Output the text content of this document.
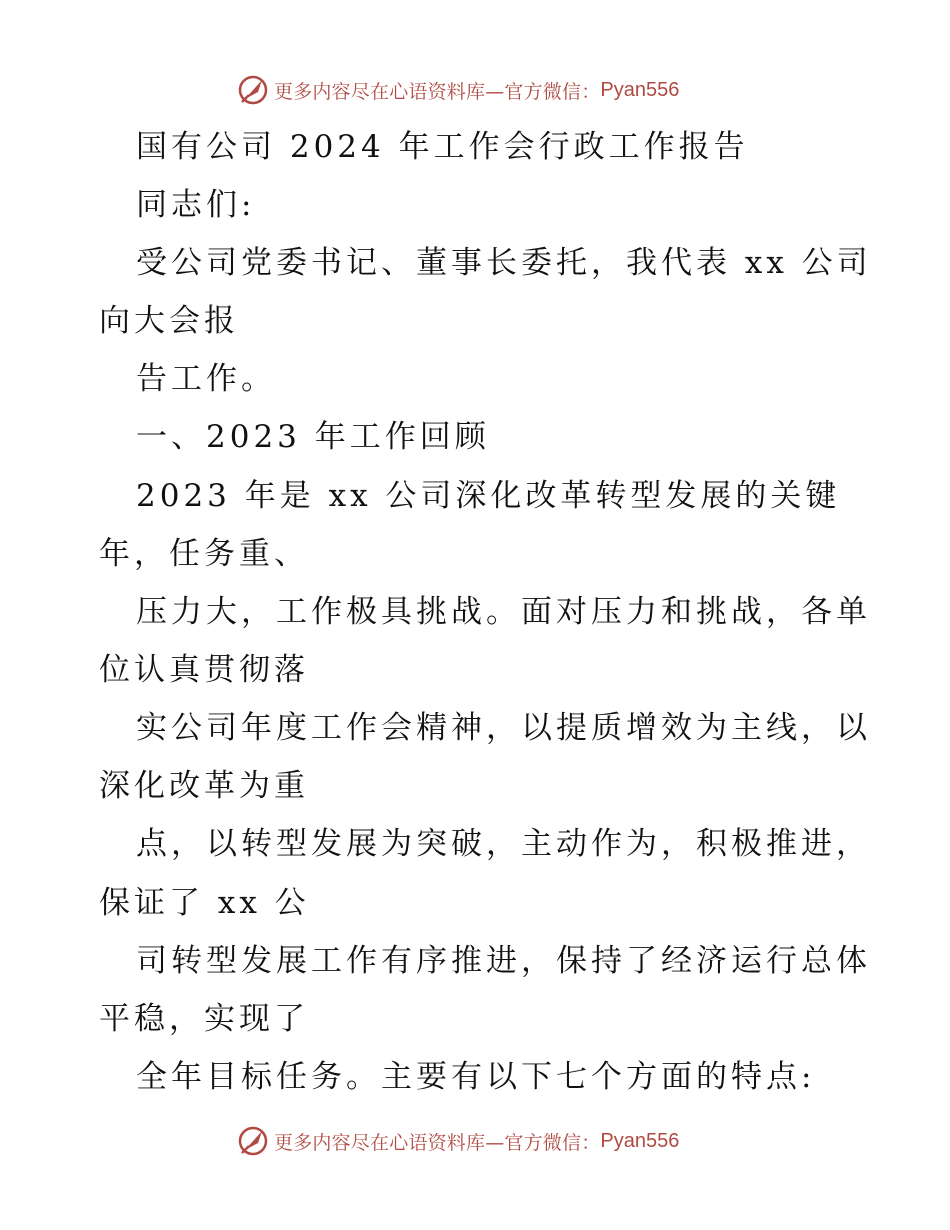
更多内容尽在心语资料库—官方微信： Pyan556
国有公司 2024 年工作会行政工作报告
同志们:
受公司党委书记、董事长委托，我代表 xx 公司
向大会报
告工作。
一、2023 年工作回顾
2023 年是 xx 公司深化改革转型发展的关键
年，任务重、
压力大，工作极具挑战。面对压力和挑战，各单
位认真贯彻落
实公司年度工作会精神，以提质增效为主线，以
深化改革为重
点，以转型发展为突破，主动作为，积极推进，
保证了 xx 公
司转型发展工作有序推进，保持了经济运行总体
平稳，实现了
全年目标任务。主要有以下七个方面的特点:
更多内容尽在心语资料库—官方微信： Pyan556
